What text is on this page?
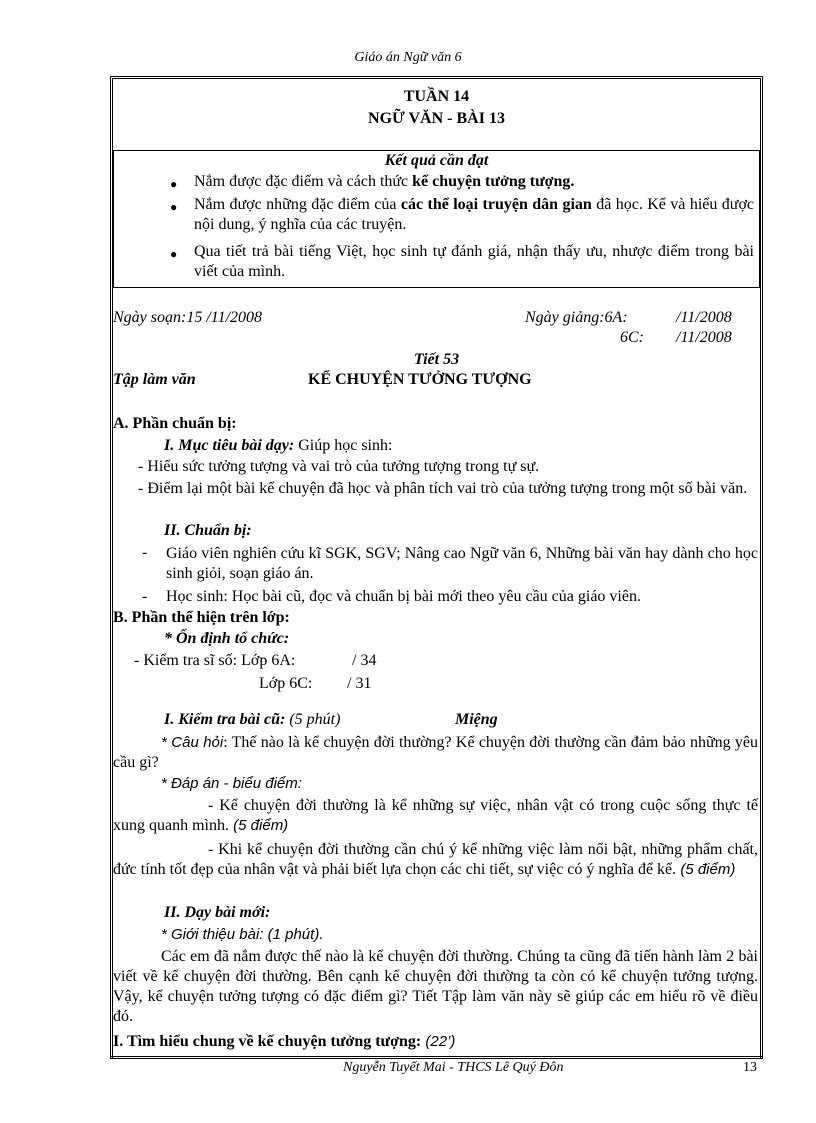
Giáo án Ngữ văn 6
TUẦN 14
NGỮ VĂN - BÀI 13
Kết quả cần đạt
● Nắm được đặc điểm và cách thức kể chuyện tưởng tượng.
● Nắm được những đặc điểm của các thể loại truyện dân gian đã học. Kể và hiểu được nội dung, ý nghĩa của các truyện.
● Qua tiết trả bài tiếng Việt, học sinh tự đánh giá, nhận thấy ưu, nhược điểm trong bài viết của mình.
Ngày soạn:15 /11/2008	Ngày giảng:6A:	/11/2008
6C: /11/2008
Tiết 53
Tập làm văn	KỂ CHUYỆN TƯỞNG TƯỢNG
A. Phần chuẩn bị:
I. Mục tiêu bài dạy: Giúp học sinh:
- Hiểu sức tưởng tượng và vai trò của tưởng tượng trong tự sự.
- Điểm lại một bài kể chuyện đã học và phân tích vai trò của tưởng tượng trong một số bài văn.
II. Chuẩn bị:
- Giáo viên nghiên cứu kĩ SGK, SGV; Nâng cao Ngữ văn 6, Những bài văn hay dành cho học sinh giỏi, soạn giáo án.
- Học sinh: Học bài cũ, đọc và chuẩn bị bài mới theo yêu cầu của giáo viên.
B. Phần thể hiện trên lớp:
* Ổn định tổ chức:
- Kiểm tra sĩ số: Lớp 6A:	/ 34
Lớp 6C: / 31
I. Kiểm tra bài cũ: (5 phút)	Miệng
* Câu hỏi: Thế nào là kể chuyện đời thường? Kể chuyện đời thường cần đảm bảo những yêu cầu gì?
* Đáp án - biểu điểm:
- Kể chuyện đời thường là kể những sự việc, nhân vật có trong cuộc sống thực tế xung quanh mình. (5 điểm)
- Khi kể chuyện đời thường cần chú ý kể những việc làm nổi bật, những phẩm chất, đức tính tốt đẹp của nhân vật và phải biết lựa chọn các chi tiết, sự việc có ý nghĩa để kể. (5 điểm)
II. Dạy bài mới:
* Giới thiệu bài: (1 phút).
Các em đã nắm được thế nào là kể chuyện đời thường. Chúng ta cũng đã tiến hành làm 2 bài viết về kể chuyện đời thường. Bên cạnh kể chuyện đời thường ta còn có kể chuyện tưởng tượng. Vậy, kể chuyện tưởng tượng có đặc điểm gì? Tiết Tập làm văn này sẽ giúp các em hiểu rõ về điều đó.
I. Tìm hiểu chung về kể chuyện tưởng tượng: (22’)
Nguyễn Tuyết Mai - THCS Lê Quý Đôn	13
